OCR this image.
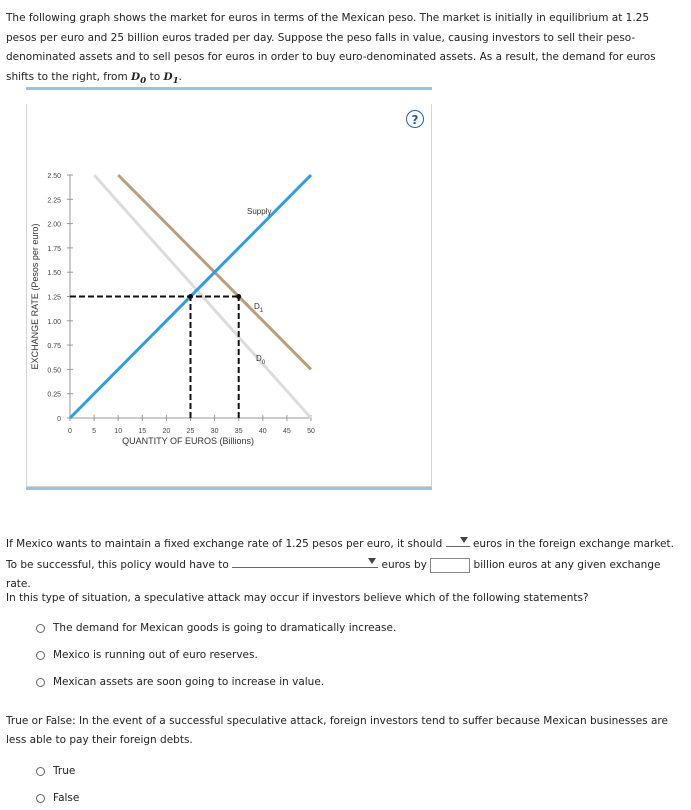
The following graph shows the market for euros in terms of the Mexican peso. The market is initially in equilibrium at 1.25 pesos per euro and 25 billion euros traded per day. Suppose the peso falls in value, causing investors to sell their peso-denominated assets and to sell pesos for euros in order to buy euro-denominated assets. As a result, the demand for euros shifts to the right, from $D_0$ to $D_1$.
?
0
0.25
0.50
0.75
1.00
1.25
1.50
1.75
2.00
2.25
2.50
0	5	10 15 20 25 30 35 40 45 50
Supply
$D_1$
$D_0$
QUANTITY OF EUROS (Billions)
EXCHANGE RATE (Pesos per euro)
If Mexico wants to maintain a fixed exchange rate of 1.25 pesos per euro, it should	euros in the foreign exchange market. To be successful, this policy would have to	euros by	billion euros at any given exchange rate.
In this type of situation, a speculative attack may occur if investors believe which of the following statements?
The demand for Mexican goods is going to dramatically increase.
Mexico is running out of euro reserves.
Mexican assets are soon going to increase in value.
True or False: In the event of a successful speculative attack, foreign investors tend to suffer because Mexican businesses are less able to pay their foreign debts.
True
False
